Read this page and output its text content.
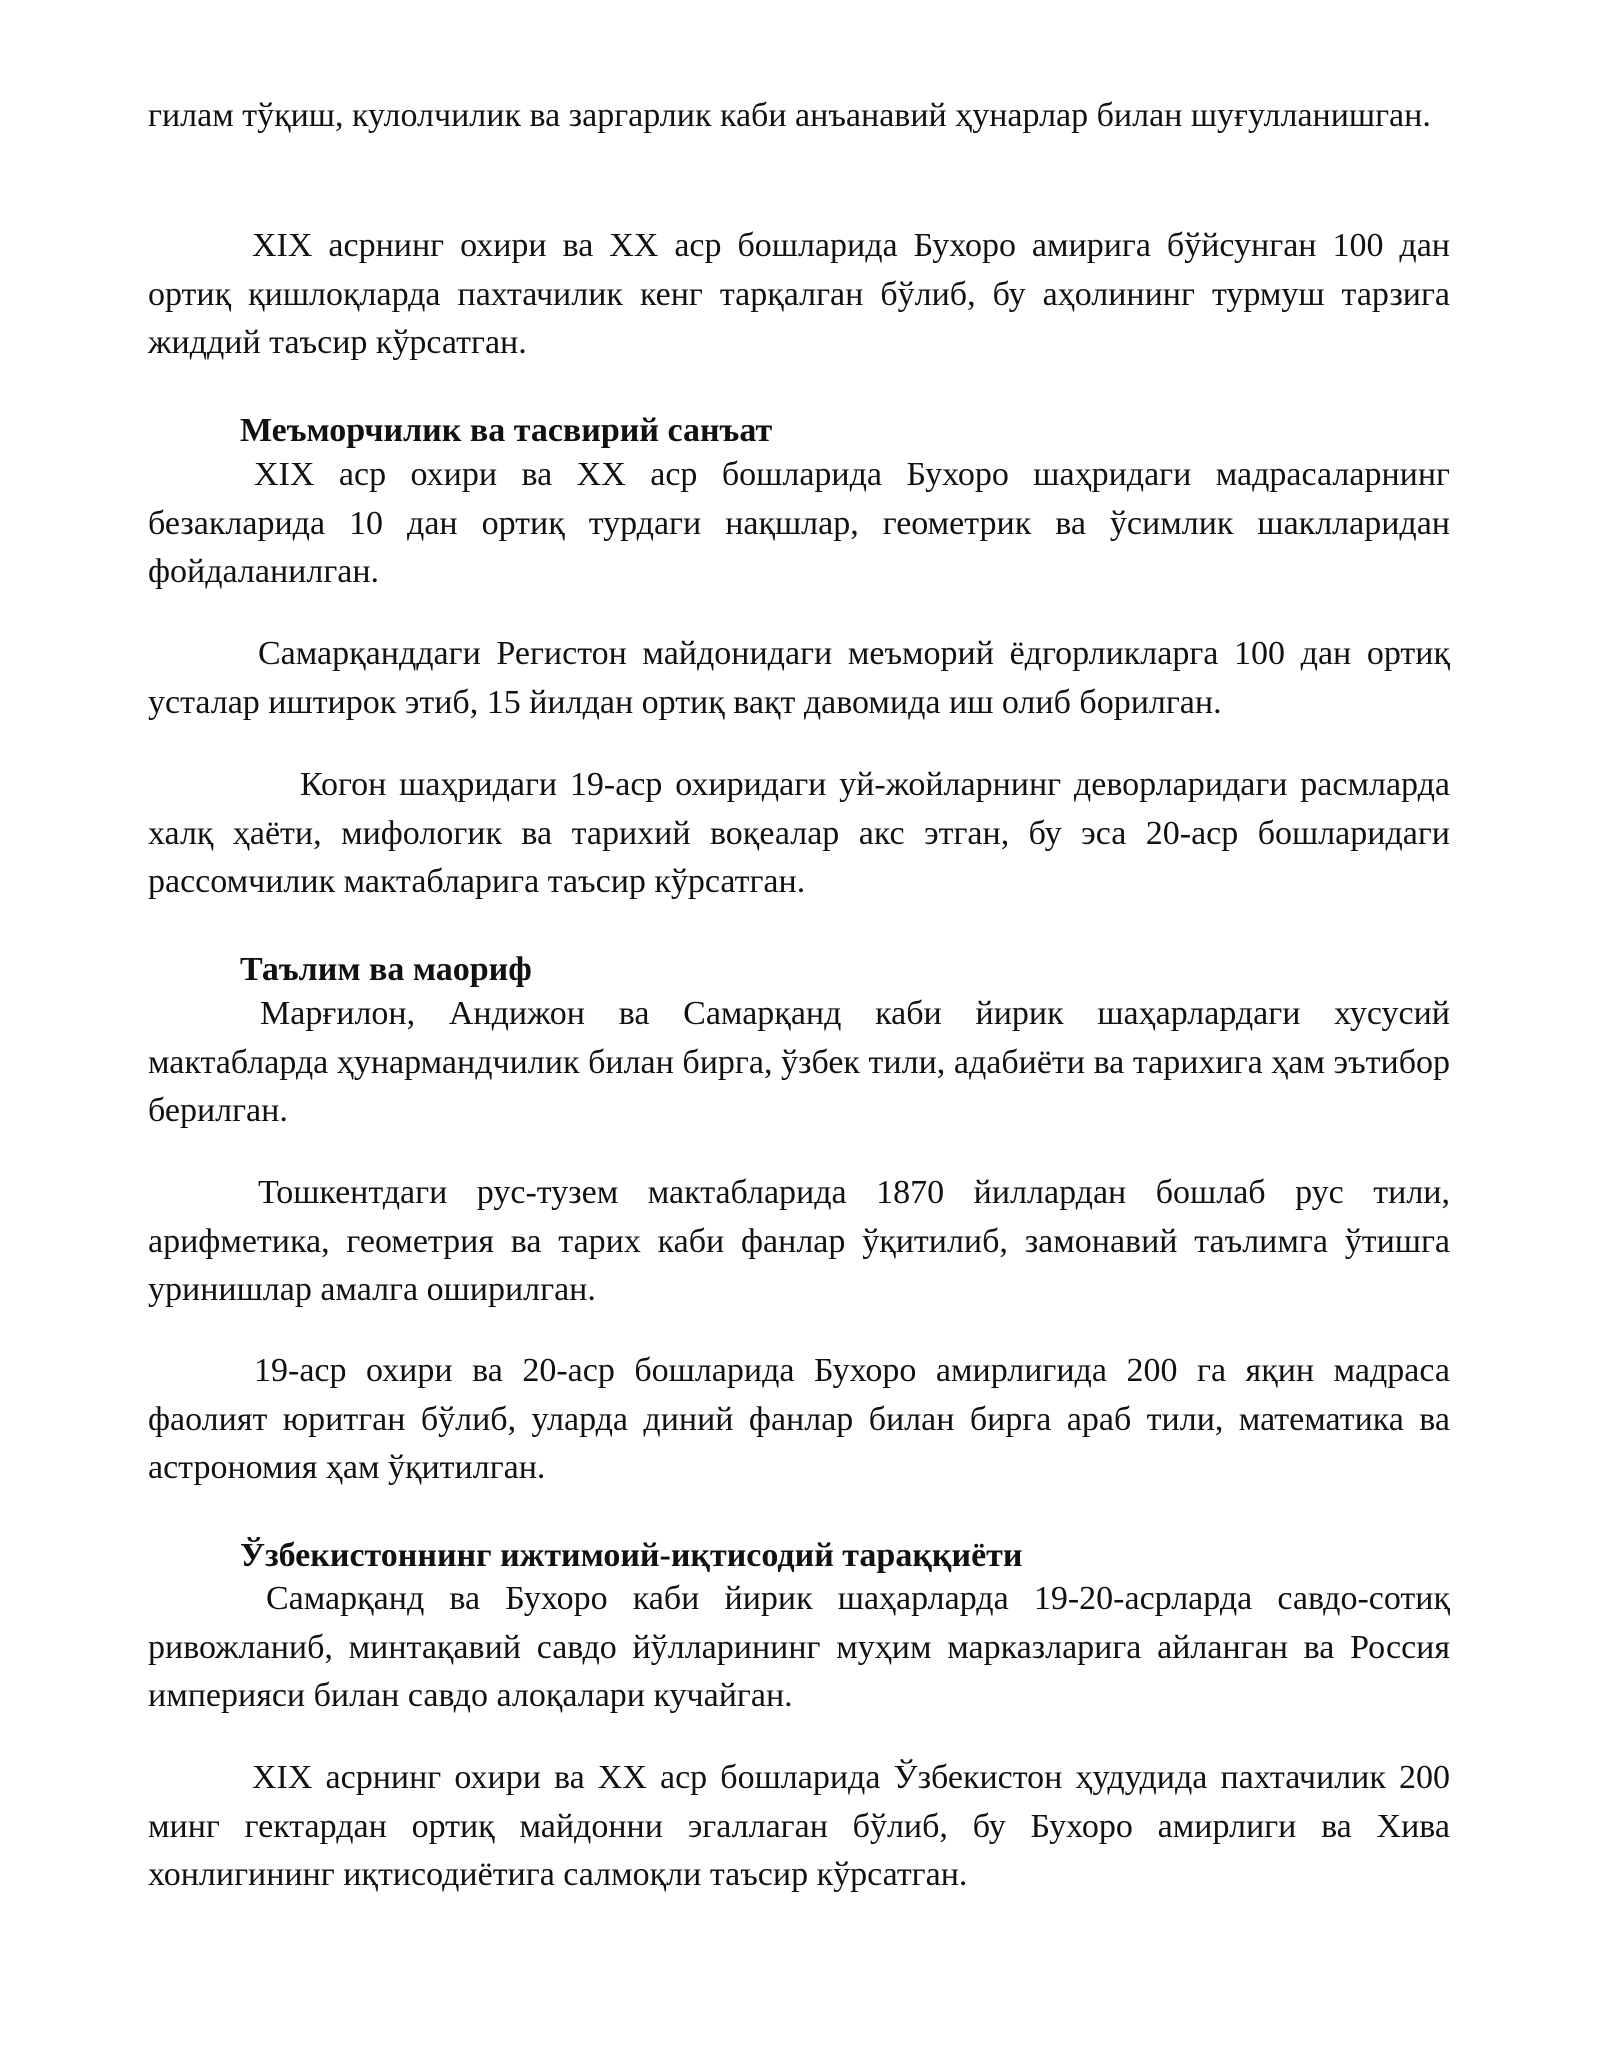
гилам тўқиш, кулолчилик ва заргарлик каби анъанавий ҳунарлар билан шуғулланишган.

XIX асрнинг охири ва XX аср бошларида Бухоро амирига бўйсунган 100 дан ортиқ қишлоқларда пахтачилик кенг тарқалган бўлиб, бу аҳолининг турмуш тарзига жиддий таъсир кўрсатган.

Меъморчилик ва тасвирий санъат

XIX аср охири ва XX аср бошларида Бухоро шаҳридаги мадрасаларнинг безакларида 10 дан ортиқ турдаги нақшлар, геометрик ва ўсимлик шаклларидан фойдаланилган.

Самарқанддаги Регистон майдонидаги меъморий ёдгорликларга 100 дан ортиқ усталар иштирок этиб, 15 йилдан ортиқ вақт давомида иш олиб борилган.

Когон шаҳридаги 19-аср охиридаги уй-жойларнинг деворларидаги расмларда халқ ҳаёти, мифологик ва тарихий воқеалар акс этган, бу эса 20-аср бошларидаги рассомчилик мактабларига таъсир кўрсатган.

Таълим ва маориф

Марғилон, Андижон ва Самарқанд каби йирик шаҳарлардаги хусусий мактабларда ҳунармандчилик билан бирга, ўзбек тили, адабиёти ва тарихига ҳам эътибор берилган.

Тошкентдаги рус-тузем мактабларида 1870 йиллардан бошлаб рус тили, арифметика, геометрия ва тарих каби фанлар ўқитилиб, замонавий таълимга ўтишга уринишлар амалга оширилган.

19-аср охири ва 20-аср бошларида Бухоро амирлигида 200 га яқин мадраса фаолият юритган бўлиб, уларда диний фанлар билан бирга араб тили, математика ва астрономия ҳам ўқитилган.

Ўзбекистоннинг ижтимоий-иқтисодий тараққиёти

Самарқанд ва Бухоро каби йирик шаҳарларда 19-20-асрларда савдо-сотиқ ривожланиб, минтақавий савдо йўлларининг муҳим марказларига айланган ва Россия империяси билан савдо алоқалари кучайган.

XIX асрнинг охири ва XX аср бошларида Ўзбекистон ҳудудида пахтачилик 200 минг гектардан ортиқ майдонни эгаллаган бўлиб, бу Бухоро амирлиги ва Хива хонлигининг иқтисодиётига салмоқли таъсир кўрсатган.
